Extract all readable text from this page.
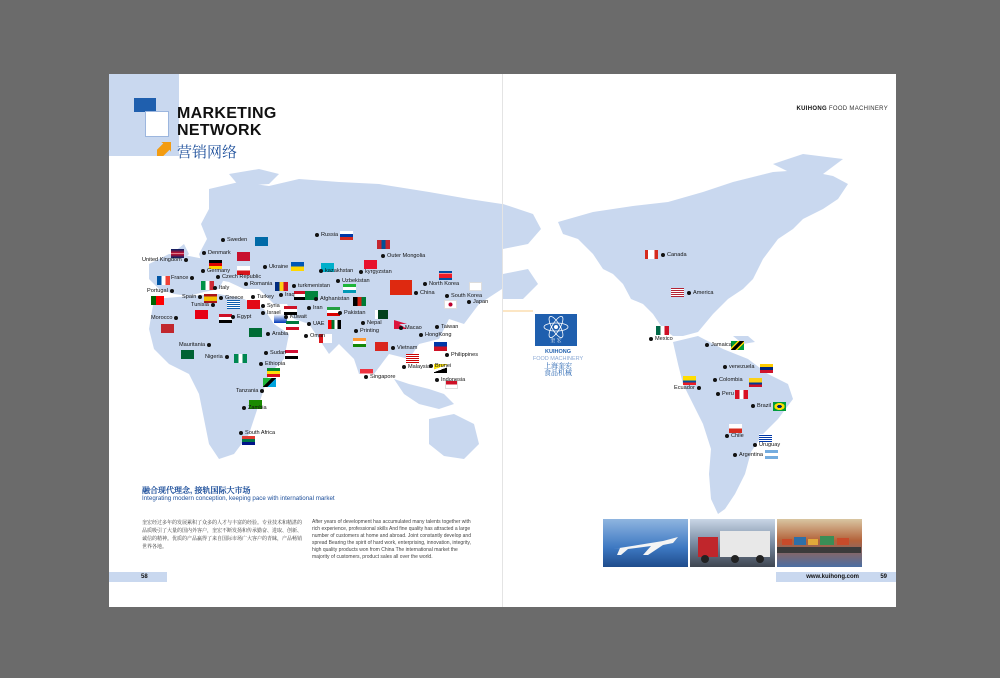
MARKETING
NETWORK
营销网络
United Kingdom
France
Portugal
Spain
Morocco
Mauritania
Nigeria
Tunisia
Denmark
Sweden
Germany
Czech Republic
Italy
Greece
Egypt
Romania
Turkey
Ukraine
Russia
Iraq
Syria
Israel
Kuwait
Arabia	Oman
UAE
Iran
Sudan
Ethiopia
Tanzania
Zambia
South Africa
turkmenistan
kazakhstan	kyrgyzstan
Uzbekistan
Afghanistan
Pakistan
Nepal
Printing
Outer Mongolia
China
North Korea
South Korea
Japan
Taiwan
Macao
HongKong
Vietnam
Philippines
Malaysia Brunei
Singapore	Indonesia
融合现代理念, 接轨国际大市场
Integrating modern conception, keeping pace with international market
奎宏经过多年的发展累积了众多的人才与丰富的经验。专业技术和精湛的品质吸引了大量的国内外客户，奎宏不断发扬和传承勤奋、进取、创新、诚信的精神。优质的产品赢得了来自国际市场广大客户的青睐，产品畅销世界各地。
After years of development has accumulated many talents together with rich experience, professional skills And fine quality has attracted a large number of customers at home and abroad. Joint constantly develop and spread Bearing the spirit of hard work, enterprising, innovation, integrity, high quality products won from China The international market the majority of customers, product sales all over the world.
58
KUIHONG FOOD MACHINERY
奎 宏
KUIHONG
FOOD MACHINERY
上海奎宏
食品机械
Canada
America
Mexico
Jamaica
venezuela
Colombia
Ecuador
Peru
Brazil
Chile
Uruguay
Argentina
www.kuihong.com	59
